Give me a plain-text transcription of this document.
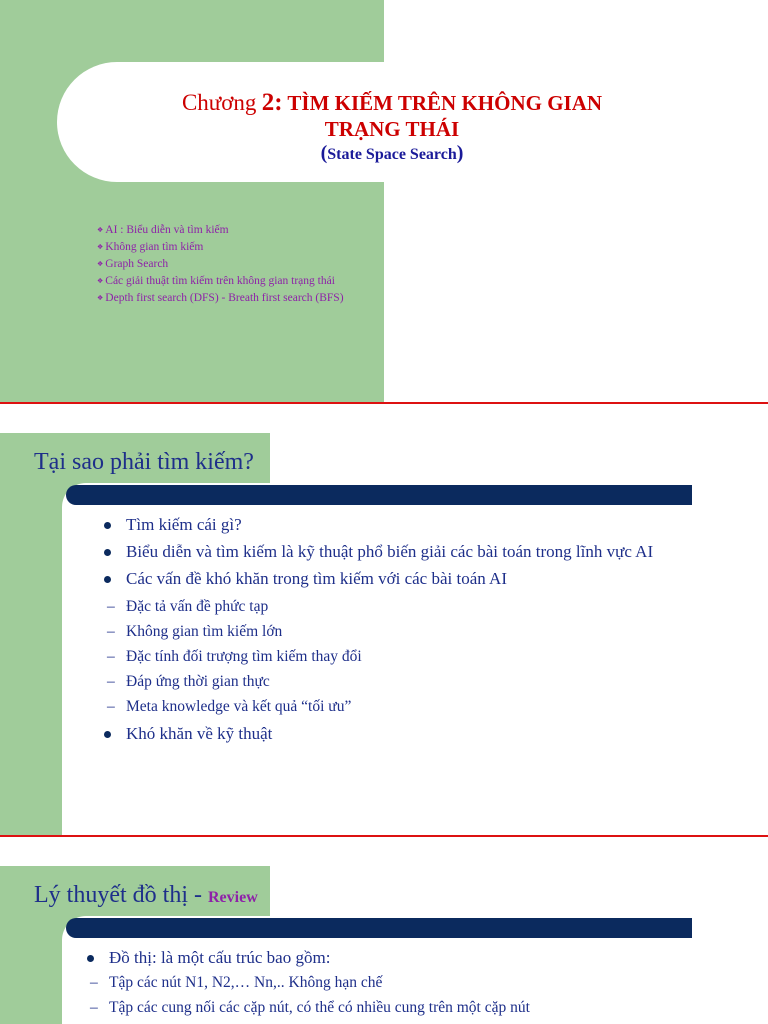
Chương 2: TÌM KIẾM TRÊN KHÔNG GIAN
TRẠNG THÁI
(State Space Search)
❖ AI : Biểu diễn và tìm kiếm
❖ Không gian tìm kiếm
❖ Graph Search
❖ Các giải thuật tìm kiếm trên không gian trạng thái
❖ Depth first search (DFS) - Breath first search (BFS)
Tại sao phải tìm kiếm?
Tìm kiếm cái gì?
Biểu diễn và tìm kiếm là kỹ thuật phổ biến giải các bài toán trong lĩnh vực AI
Các vấn đề khó khăn trong tìm kiếm với các bài toán AI
– Đặc tả vấn đề phức tạp
– Không gian tìm kiếm lớn
– Đặc tính đối trượng tìm kiếm thay đổi
– Đáp ứng thời gian thực
– Meta knowledge và kết quả “tối ưu”
Khó khăn về kỹ thuật
Lý thuyết đồ thị - Review
Đồ thị: là một cấu trúc bao gồm:
– Tập các nút N1, N2,… Nn,.. Không hạn chế
– Tập các cung nối các cặp nút, có thể có nhiều cung trên một cặp nút
